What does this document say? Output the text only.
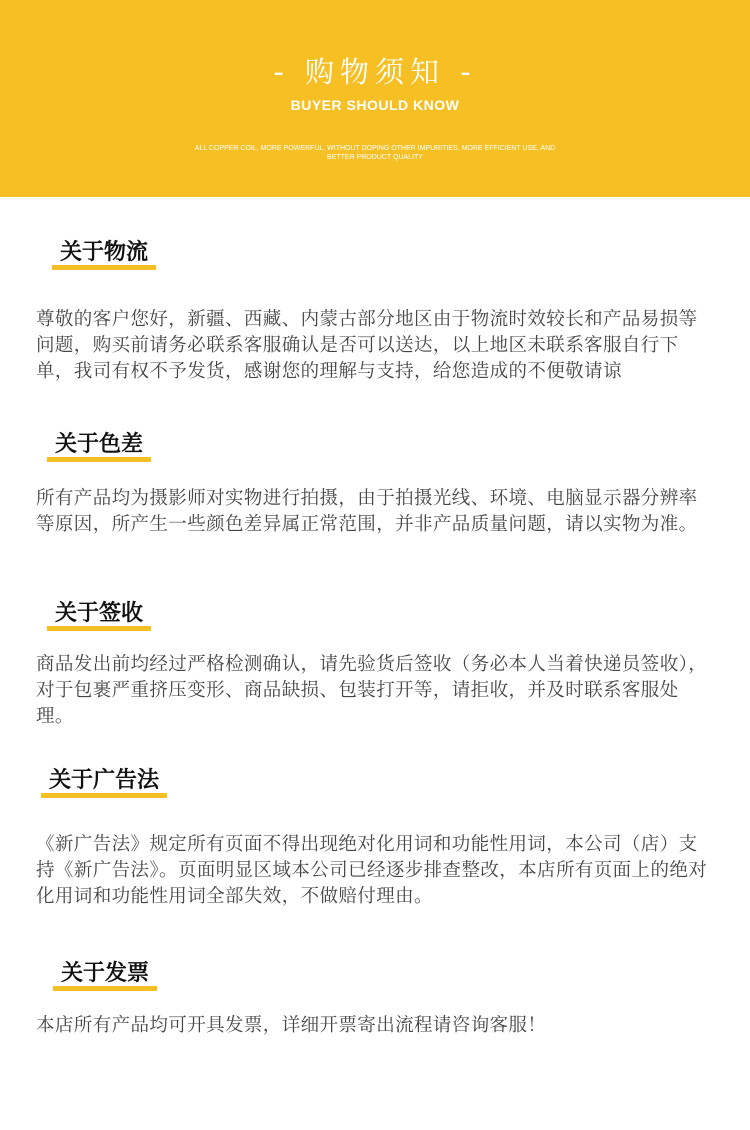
- 购物须知 -
BUYER SHOULD KNOW
ALL COPPER COIL, MORE POWERFUL, WITHOUT DOPING OTHER IMPURITIES, MORE EFFICIENT USE, AND BETTER PRODUCT QUALITY
关于物流
尊敬的客户您好，新疆、西藏、内蒙古部分地区由于物流时效较长和产品易损等问题，购买前请务必联系客服确认是否可以送达，以上地区未联系客服自行下单，我司有权不予发货，感谢您的理解与支持，给您造成的不便敬请谅
关于色差
所有产品均为摄影师对实物进行拍摄，由于拍摄光线、环境、电脑显示器分辨率等原因，所产生一些颜色差异属正常范围，并非产品质量问题，请以实物为准。
关于签收
商品发出前均经过严格检测确认，请先验货后签收（务必本人当着快递员签收），对于包裹严重挤压变形、商品缺损、包装打开等，请拒收，并及时联系客服处理。
关于广告法
《新广告法》规定所有页面不得出现绝对化用词和功能性用词，本公司（店）支持《新广告法》。页面明显区域本公司已经逐步排查整改，本店所有页面上的绝对化用词和功能性用词全部失效，不做赔付理由。
关于发票
本店所有产品均可开具发票，详细开票寄出流程请咨询客服！
